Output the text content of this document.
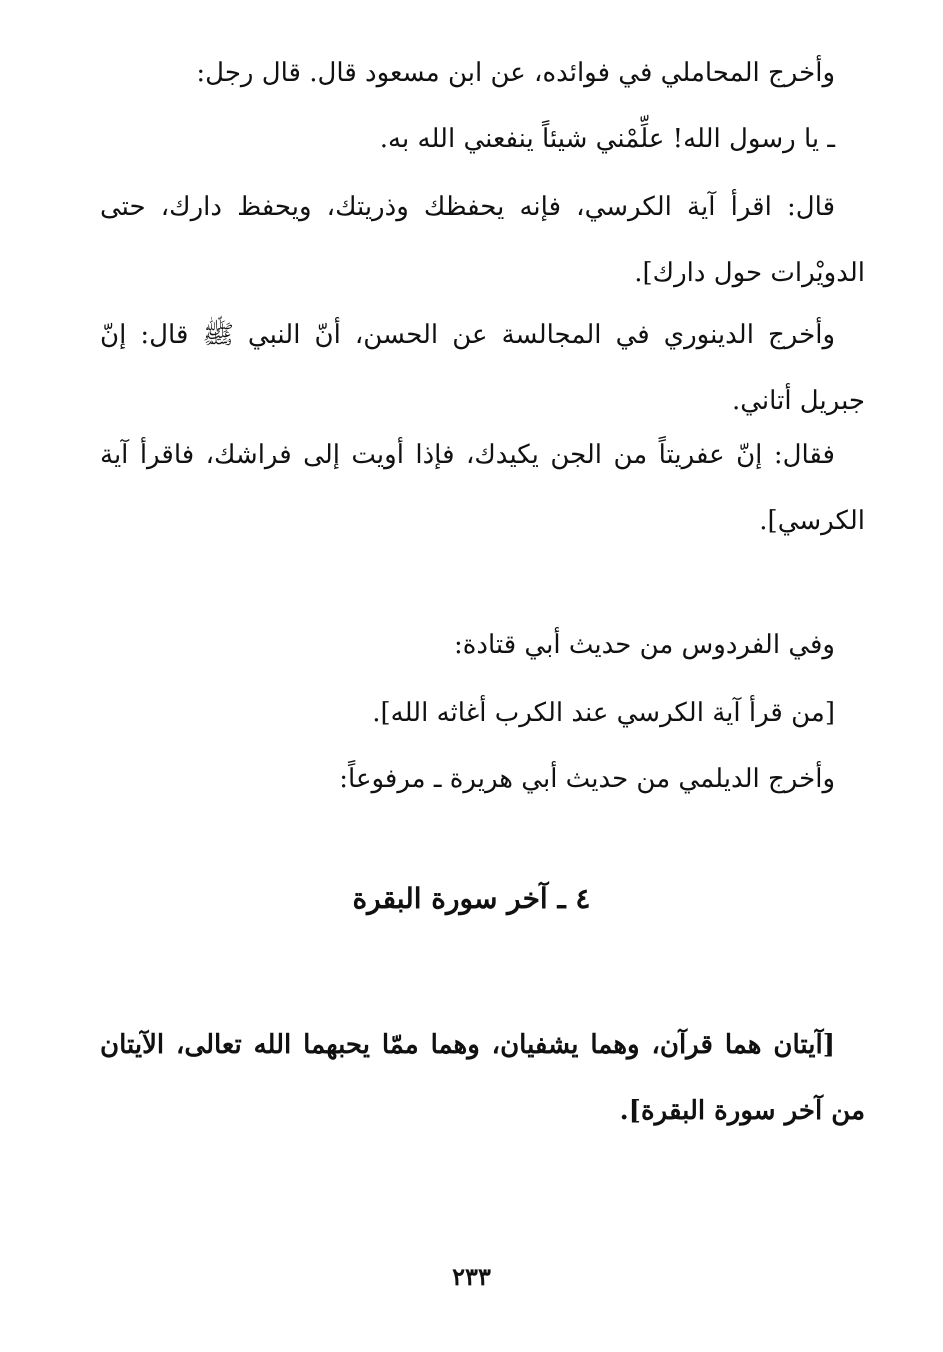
وأخرج المحاملي في فوائده، عن ابن مسعود قال. قال رجل:

ـ يا رسول الله! علِّمْني شيئاً ينفعني الله به.

قال: اقرأ آية الكرسي، فإنه يحفظك وذريتك، ويحفظ دارك، حتى الدويْرات حول دارك].

وأخرج الدينوري في المجالسة عن الحسن، أنّ النبي ﷺ قال: إنّ جبريل أتاني.

فقال: إنّ عفريتاً من الجن يكيدك، فإذا أويت إلى فراشك، فاقرأ آية الكرسي].

وفي الفردوس من حديث أبي قتادة:

[من قرأ آية الكرسي عند الكرب أغاثه الله].

وأخرج الديلمي من حديث أبي هريرة ـ مرفوعاً:

٤ ـ آخر سورة البقرة

[آيتان هما قرآن، وهما يشفيان، وهما ممّا يحبهما الله تعالى، الآيتان من آخر سورة البقرة].

٢٣٣
